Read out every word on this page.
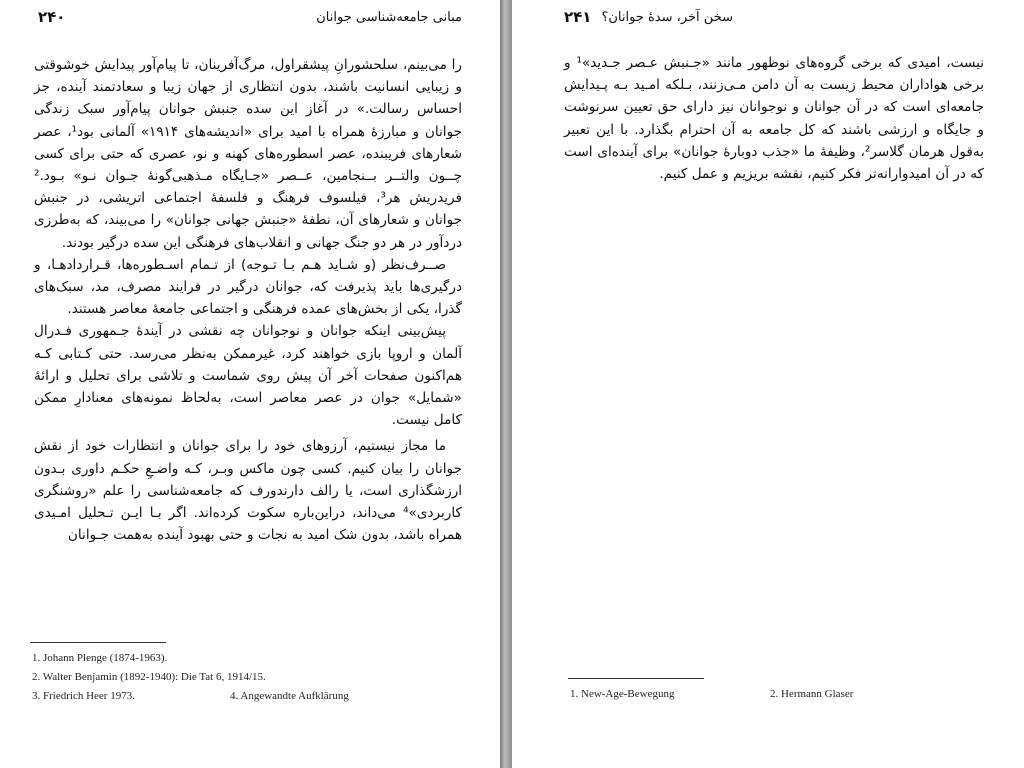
۲۴۰	مبانی جامعه‌شناسی جوانان

را می‌بینم، سلحشورانِ پیشقراول، مرگ‌آفرینان، تا پیام‌آور پیدایش خوشوقتی و زیبایی انسانیت باشند، بدون انتظاری از جهان زیبا و سعادتمند آینده، جز احساس رسالت.» در آغاز این سده جنبش جوانان پیام‌آور سبک زندگی جوانان و مبارزهٔ همراه با امید برای «اندیشه‌های ۱۹۱۴» آلمانی بود¹، عصر شعارهای فریبنده، عصر اسطوره‌های کهنه و نو، عصری که حتی برای کسی چــون والتــر بــنجامین، عــصر «جـایگاه مـذهبی‌گونهٔ جـوان نـو» بـود.² فریدریش هر³، فیلسوف فرهنگ و فلسفهٔ اجتماعی اتریشی، در جنبش جوانان و شعارهای آن، نطفهٔ «جنبش جهانی جوانان» را می‌بیند، که به‌طرزی دردآور در هر دو جنگ جهانی و انقلاب‌های فرهنگی این سده درگیر بودند.

صــرف‌نظر (و شـاید هـم بـا تـوجه) از تـمام اسـطوره‌ها، قـراردادهـا، و درگیری‌ها باید پذیرفت که، جوانان درگیر در فرایند مصرف، مد، سبک‌های گذرا، یکی از بخش‌های عمده فرهنگی و اجتماعی جامعهٔ معاصر هستند.

پیش‌بینی اینکه جوانان و نوجوانان چه نقشی در آیندهٔ جـمهوری فـدرال آلمان و اروپا بازی خواهند کرد، غیرممکن به‌نظر می‌رسد. حتی کـتابی کـه هم‌اکنون صفحات آخر آن پیش روی شماست و تلاشی برای تحلیل و ارائهٔ «شمایل» جوان در عصر معاصر است، به‌لحاظ نمونه‌های معنادارِ ممکن کامل نیست.

ما مجاز نیستیم، آرزوهای خود را برای جوانان و انتظارات خود از نقش جوانان را بیان کنیم. کسی چون ماکس وبـر، کـه واضـعِ حکـم داوری بـدون ارزشگذاری است، یا رالف دارندورف که جامعه‌شناسی را علم «روشنگری کاربردی»⁴ می‌داند، دراین‌باره سکوت کرده‌اند. اگر بـا ایـن تـحلیل امـیدی همراه باشد، بدون شک امید به نجات و حتی بهبود آینده به‌همت جـوانان

1. Johann Plenge (1874-1963).
2. Walter Benjamin (1892-1940): Die Tat 6, 1914/15.
3. Friedrich Heer 1973.	4. Angewandte Aufklärung
سخن آخر، سدهٔ جوانان؟
۲۴۱

نیست، امیدی که برخی گروه‌های نوظهور مانند «جـنبش عـصر جـدید»¹ و برخی هواداران محیط زیست به آن دامن مـی‌زنند، بـلکه امـید بـه پـیدایش جامعه‌ای است که در آن جوانان و نوجوانان نیز دارای حق تعیین سرنوشت و جایگاه و ارزشی باشند که کل جامعه به آن احترام بگذارد. با این تعبیر به‌قول هرمان گلاسر²، وظیفهٔ ما «جذب دوبارهٔ جوانان» برای آینده‌ای است که در آن امیدوارانه‌تر فکر کنیم، نقشه بریزیم و عمل کنیم.

1. New-Age-Bewegung	2. Hermann Glaser
